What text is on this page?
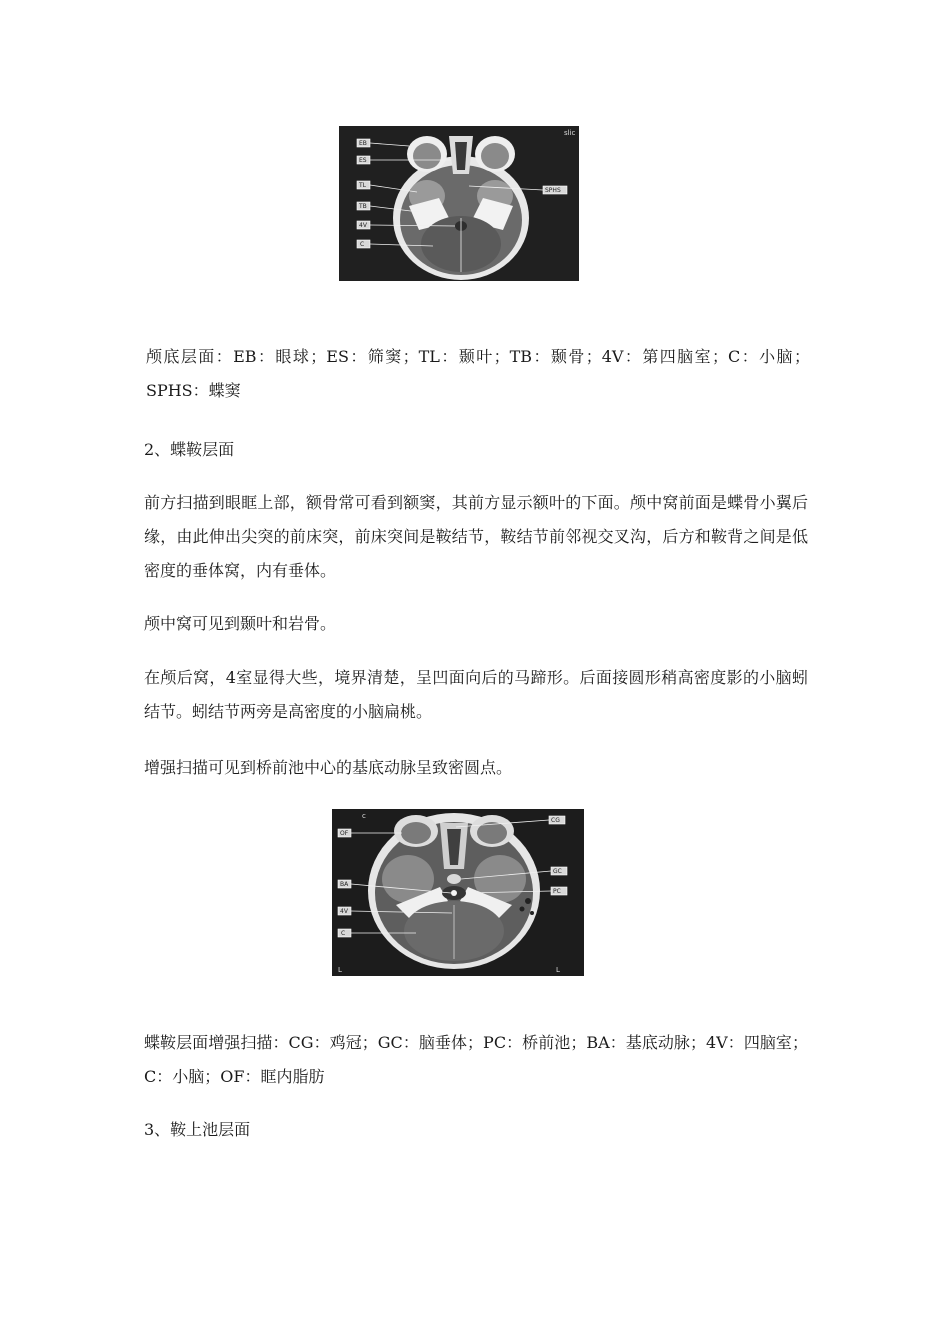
EB
ES
TL
TB
4V
C
SPHS
slic

颅底层面：EB：眼球；ES：筛窦；TL：颞叶；TB：颞骨；4V：第四脑室；C：小脑；SPHS：蝶窦

2、蝶鞍层面

前方扫描到眼眶上部，额骨常可看到额窦，其前方显示额叶的下面。颅中窝前面是蝶骨小翼后缘，由此伸出尖突的前床突，前床突间是鞍结节，鞍结节前邻视交叉沟，后方和鞍背之间是低密度的垂体窝，内有垂体。

颅中窝可见到颞叶和岩骨。

在颅后窝，4室显得大些，境界清楚，呈凹面向后的马蹄形。后面接圆形稍高密度影的小脑蚓结节。蚓结节两旁是高密度的小脑扁桃。

增强扫描可见到桥前池中心的基底动脉呈致密圆点。

OF
BA
4V
C
CG
GC
PC
c
L	L

蝶鞍层面增强扫描：CG：鸡冠；GC：脑垂体；PC：桥前池；BA：基底动脉；4V：四脑室；C：小脑；OF：眶内脂肪

3、鞍上池层面
